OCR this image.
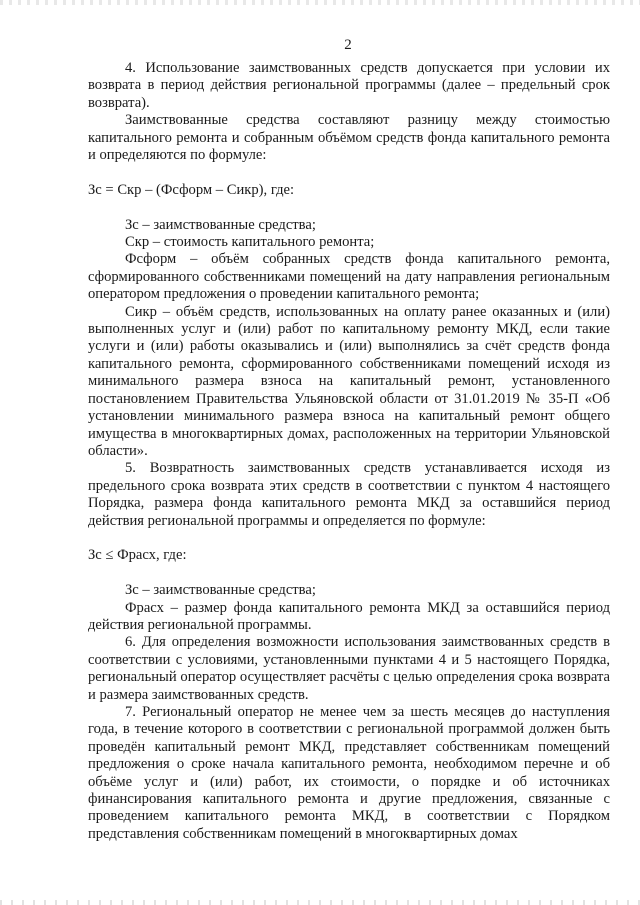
2

4. Использование заимствованных средств допускается при условии их возврата в период действия региональной программы (далее – предельный срок возврата).

Заимствованные средства составляют разницу между стоимостью капитального ремонта и собранным объёмом средств фонда капитального ремонта и определяются по формуле:

Зс = Скр – (Фсформ – Сикр), где:

Зс – заимствованные средства;

Скр – стоимость капитального ремонта;

Фсформ – объём собранных средств фонда капитального ремонта, сформированного собственниками помещений на дату направления региональным оператором предложения о проведении капитального ремонта;

Сикр – объём средств, использованных на оплату ранее оказанных и (или) выполненных услуг и (или) работ по капитальному ремонту МКД, если такие услуги и (или) работы оказывались и (или) выполнялись за счёт средств фонда капитального ремонта, сформированного собственниками помещений исходя из минимального размера взноса на капитальный ремонт, установленного постановлением Правительства Ульяновской области от 31.01.2019 № 35-П «Об установлении минимального размера взноса на капитальный ремонт общего имущества в многоквартирных домах, расположенных на территории Ульяновской области».

5. Возвратность заимствованных средств устанавливается исходя из предельного срока возврата этих средств в соответствии с пунктом 4 настоящего Порядка, размера фонда капитального ремонта МКД за оставшийся период действия региональной программы и определяется по формуле:

Зс ≤ Фрасх, где:

Зс – заимствованные средства;

Фрасх – размер фонда капитального ремонта МКД за оставшийся период действия региональной программы.

6. Для определения возможности использования заимствованных средств в соответствии с условиями, установленными пунктами 4 и 5 настоящего Порядка, региональный оператор осуществляет расчёты с целью определения срока возврата и размера заимствованных средств.

7. Региональный оператор не менее чем за шесть месяцев до наступления года, в течение которого в соответствии с региональной программой должен быть проведён капитальный ремонт МКД, представляет собственникам помещений предложения о сроке начала капитального ремонта, необходимом перечне и об объёме услуг и (или) работ, их стоимости, о порядке и об источниках финансирования капитального ремонта и другие предложения, связанные с проведением капитального ремонта МКД, в соответствии с Порядком представления собственникам помещений в многоквартирных домах
